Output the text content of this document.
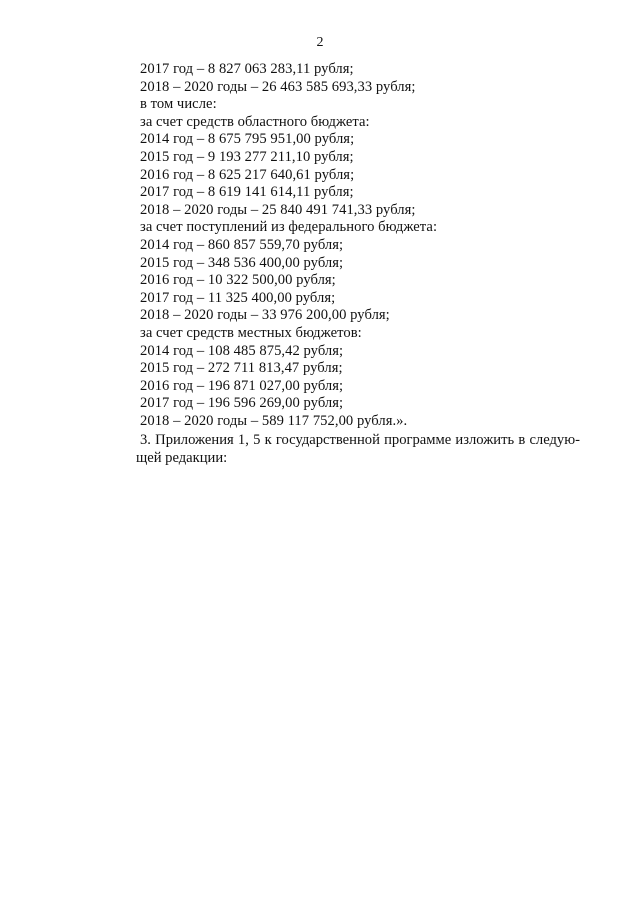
2
2017 год – 8 827 063 283,11 рубля;
2018 – 2020 годы – 26 463 585 693,33 рубля;
в том числе:
за счет средств областного бюджета:
2014 год – 8 675 795 951,00 рубля;
2015 год – 9 193 277 211,10 рубля;
2016 год – 8 625 217 640,61 рубля;
2017 год – 8 619 141 614,11 рубля;
2018 – 2020 годы – 25 840 491 741,33 рубля;
за счет поступлений из федерального бюджета:
2014 год – 860 857 559,70 рубля;
2015 год – 348 536 400,00 рубля;
2016 год – 10 322 500,00 рубля;
2017 год – 11 325 400,00 рубля;
2018 – 2020 годы – 33 976 200,00 рубля;
за счет средств местных бюджетов:
2014 год – 108 485 875,42 рубля;
2015 год – 272 711 813,47 рубля;
2016 год – 196 871 027,00 рубля;
2017 год – 196 596 269,00 рубля;
2018 – 2020 годы – 589 117 752,00 рубля.».
3. Приложения 1, 5 к государственной программе изложить в следую-
щей редакции:
